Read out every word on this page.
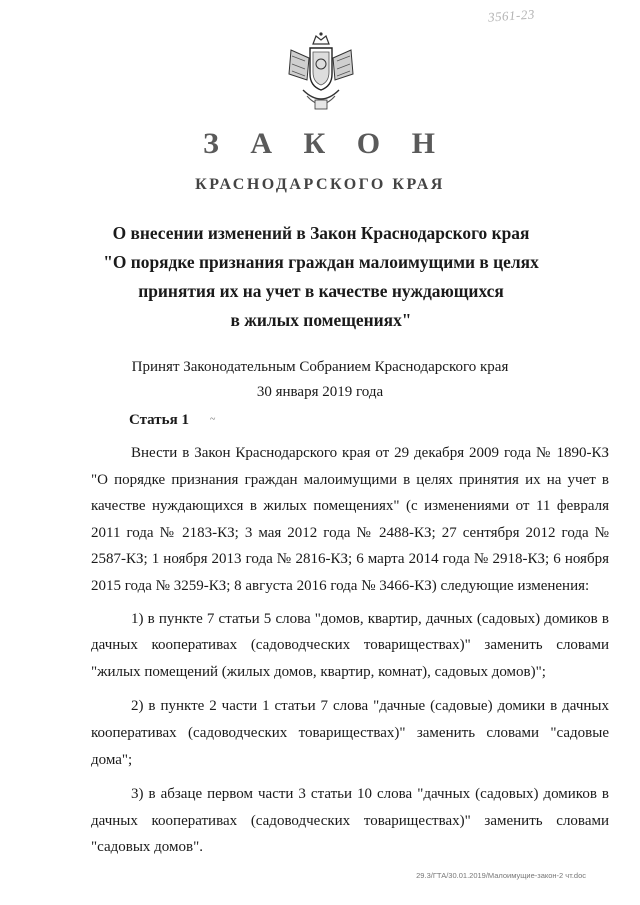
3561-23
З А К О Н
КРАСНОДАРСКОГО КРАЯ
О внесении изменений в Закон Краснодарского края
"О порядке признания граждан малоимущими в целях
принятия их на учет в качестве нуждающихся
в жилых помещениях"
Принят Законодательным Собранием Краснодарского края
30 января 2019 года
Статья 1 ~

Внести в Закон Краснодарского края от 29 декабря 2009 года № 1890-КЗ "О порядке признания граждан малоимущими в целях принятия их на учет в качестве нуждающихся в жилых помещениях" (с изменениями от 11 февраля 2011 года № 2183-КЗ; 3 мая 2012 года № 2488-КЗ; 27 сентября 2012 года № 2587-КЗ; 1 ноября 2013 года № 2816-КЗ; 6 марта 2014 года № 2918-КЗ; 6 ноября 2015 года № 3259-КЗ; 8 августа 2016 года № 3466-КЗ) следующие изменения:

1) в пункте 7 статьи 5 слова "домов, квартир, дачных (садовых) домиков в дачных кооперативах (садоводческих товариществах)" заменить словами "жилых помещений (жилых домов, квартир, комнат), садовых домов)";

2) в пункте 2 части 1 статьи 7 слова "дачные (садовые) домики в дачных кооперативах (садоводческих товариществах)" заменить словами "садовые дома";

3) в абзаце первом части 3 статьи 10 слова "дачных (садовых) домиков в дачных кооперативах (садоводческих товариществах)" заменить словами "садовых домов".

29.3/ГТА/30.01.2019/Малоимущие-закон-2 чт.doc
